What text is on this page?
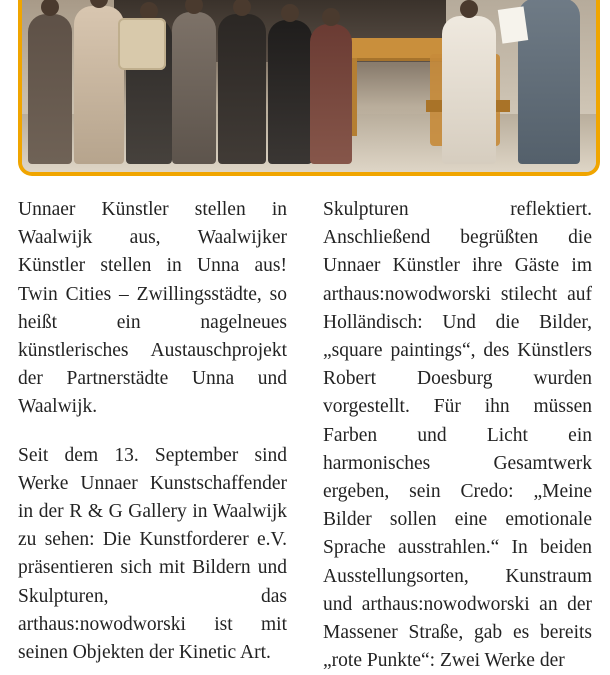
Unnaer Künstler stellen in Waalwijk aus, Waalwijker Künstler stellen in Unna aus! Twin Cities – Zwillingsstädte, so heißt ein nagelneues künstlerisches Austauschprojekt der Partnerstädte Unna und Waalwijk.

Seit dem 13. September sind Werke Unnaer Kunstschaffender in der R & G Gallery in Waalwijk zu sehen: Die Kunstforderer e.V. präsentieren sich mit Bildern und Skulpturen, das arthaus:nowodworski ist mit seinen Objekten der Kinetic Art.

Skulpturen reflektiert. Anschließend begrüßten die Unnaer Künstler ihre Gäste im arthaus:nowodworski stilecht auf Holländisch: Und die Bilder, „square paintings“, des Künstlers Robert Doesburg wurden vorgestellt. Für ihn müssen Farben und Licht ein harmonisches Gesamtwerk ergeben, sein Credo: „Meine Bilder sollen eine emotionale Sprache ausstrahlen.“ In beiden Ausstellungsorten, Kunstraum und arthaus:nowodworski an der Massener Straße, gab es bereits „rote Punkte“: Zwei Werke der
